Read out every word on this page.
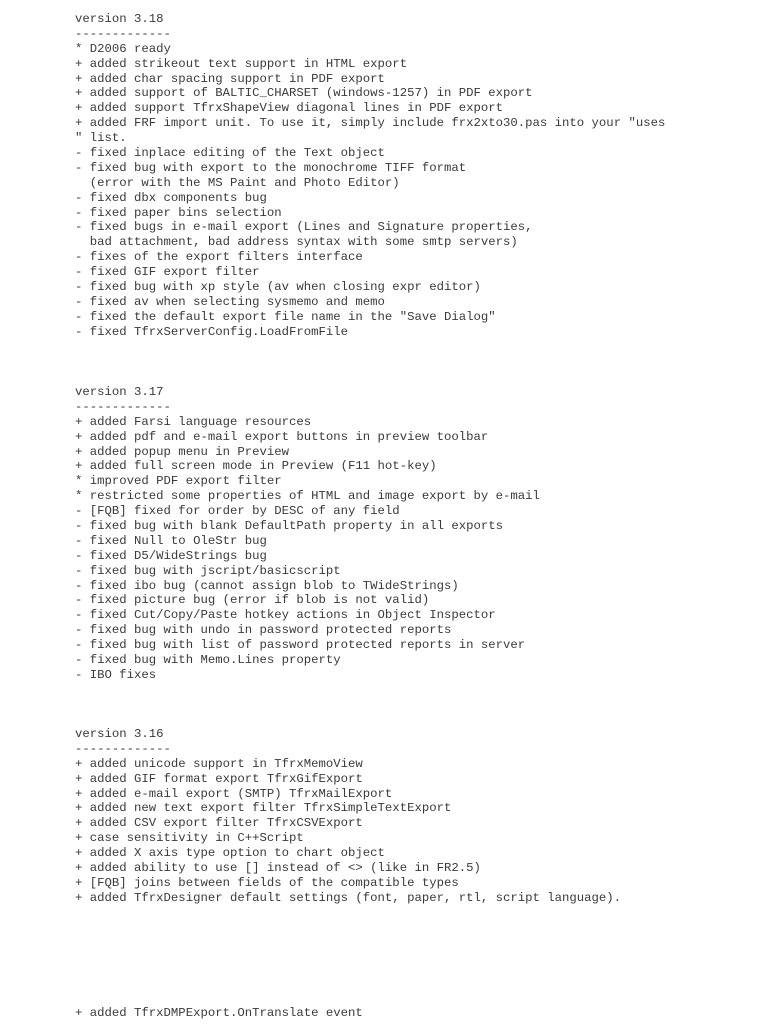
version 3.18
-------------
* D2006 ready
+ added strikeout text support in HTML export
+ added char spacing support in PDF export
+ added support of BALTIC_CHARSET (windows-1257) in PDF export
+ added support TfrxShapeView diagonal lines in PDF export
+ added FRF import unit. To use it, simply include frx2xto30.pas into your "uses
" list.
- fixed inplace editing of the Text object
- fixed bug with export to the monochrome TIFF format
(error with the MS Paint and Photo Editor)
- fixed dbx components bug
- fixed paper bins selection
- fixed bugs in e-mail export (Lines and Signature properties,
bad attachment, bad address syntax with some smtp servers)
- fixes of the export filters interface
- fixed GIF export filter
- fixed bug with xp style (av when closing expr editor)
- fixed av when selecting sysmemo and memo
- fixed the default export file name in the "Save Dialog"
- fixed TfrxServerConfig.LoadFromFile
version 3.17
-------------
+ added Farsi language resources
+ added pdf and e-mail export buttons in preview toolbar
+ added popup menu in Preview
+ added full screen mode in Preview (F11 hot-key)
* improved PDF export filter
* restricted some properties of HTML and image export by e-mail
- [FQB] fixed for order by DESC of any field
- fixed bug with blank DefaultPath property in all exports
- fixed Null to OleStr bug
- fixed D5/WideStrings bug
- fixed bug with jscript/basicscript
- fixed ibo bug (cannot assign blob to TWideStrings)
- fixed picture bug (error if blob is not valid)
- fixed Cut/Copy/Paste hotkey actions in Object Inspector
- fixed bug with undo in password protected reports
- fixed bug with list of password protected reports in server
- fixed bug with Memo.Lines property
- IBO fixes
version 3.16
-------------
+ added unicode support in TfrxMemoView
+ added GIF format export TfrxGifExport
+ added e-mail export (SMTP) TfrxMailExport
+ added new text export filter TfrxSimpleTextExport
+ added CSV export filter TfrxCSVExport
+ case sensitivity in C++Script
+ added X axis type option to chart object
+ added ability to use [] instead of <> (like in FR2.5)
+ [FQB] joins between fields of the compatible types
+ added TfrxDesigner default settings (font, paper, rtl, script language).
+ added TfrxDMPExport.OnTranslate event
